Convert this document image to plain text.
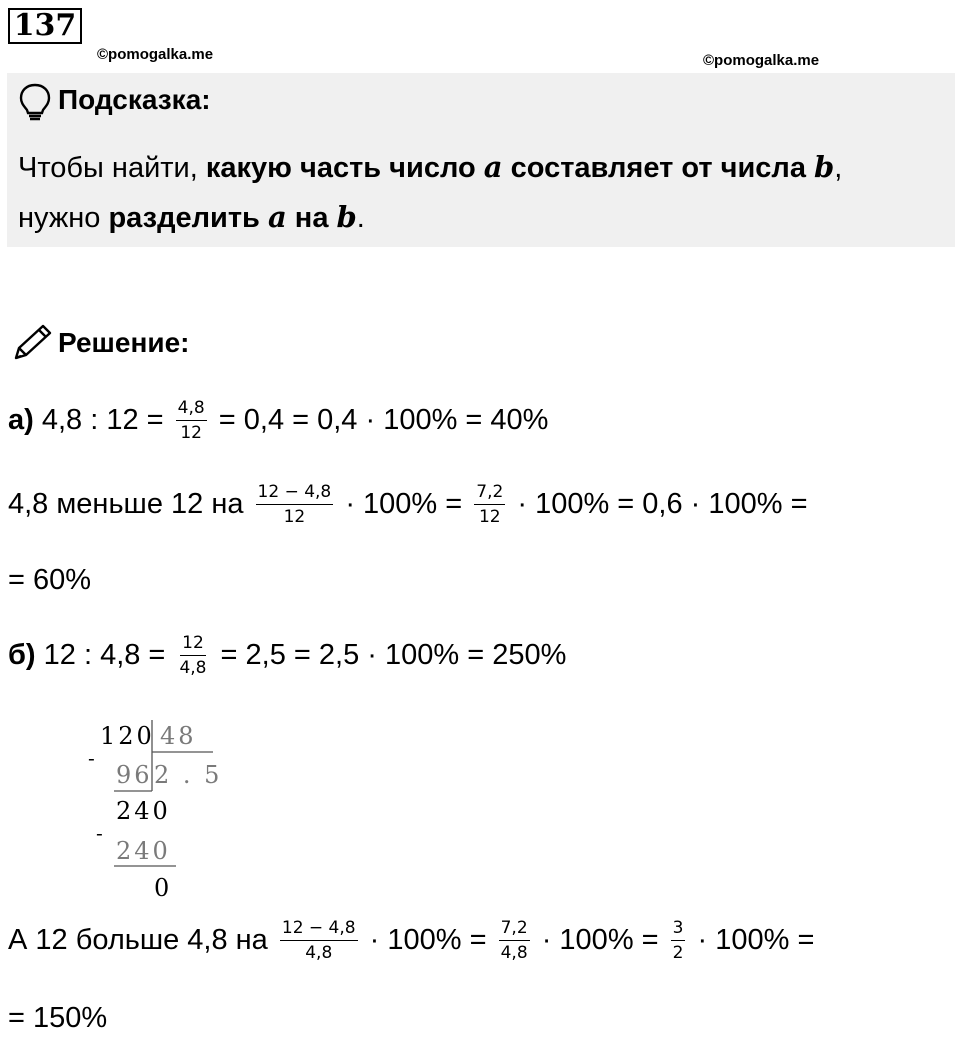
137
©pomogalka.me	©pomogalka.me
Подсказка:
Чтобы найти, какую часть число a составляет от числа b,
нужно разделить a на b.
Решение:
а) 4,8 : $12 = \frac{4,8}{12} = 0,4 = 0,4 \cdot 100\% = 40\%$
4,8 меньше 12 на $\frac{12 - 4,8}{12} \cdot 100\% = \frac{7,2}{12} \cdot 100\% = 0,6 \cdot 100\%$ =
= 60%
б) 12 : $4,8 = \frac{12}{4,8} = 2,5 = 2,5 \cdot 100\% = 250\%$
-
120 48
96 2 . 5
-
240
240
0
А 12 больше 4,8 на $\frac{12 - 4,8}{4,8} \cdot 100\% = \frac{7,2}{4,8} \cdot 100\% = \frac{3}{2} \cdot 100\%$ =
= 150%
